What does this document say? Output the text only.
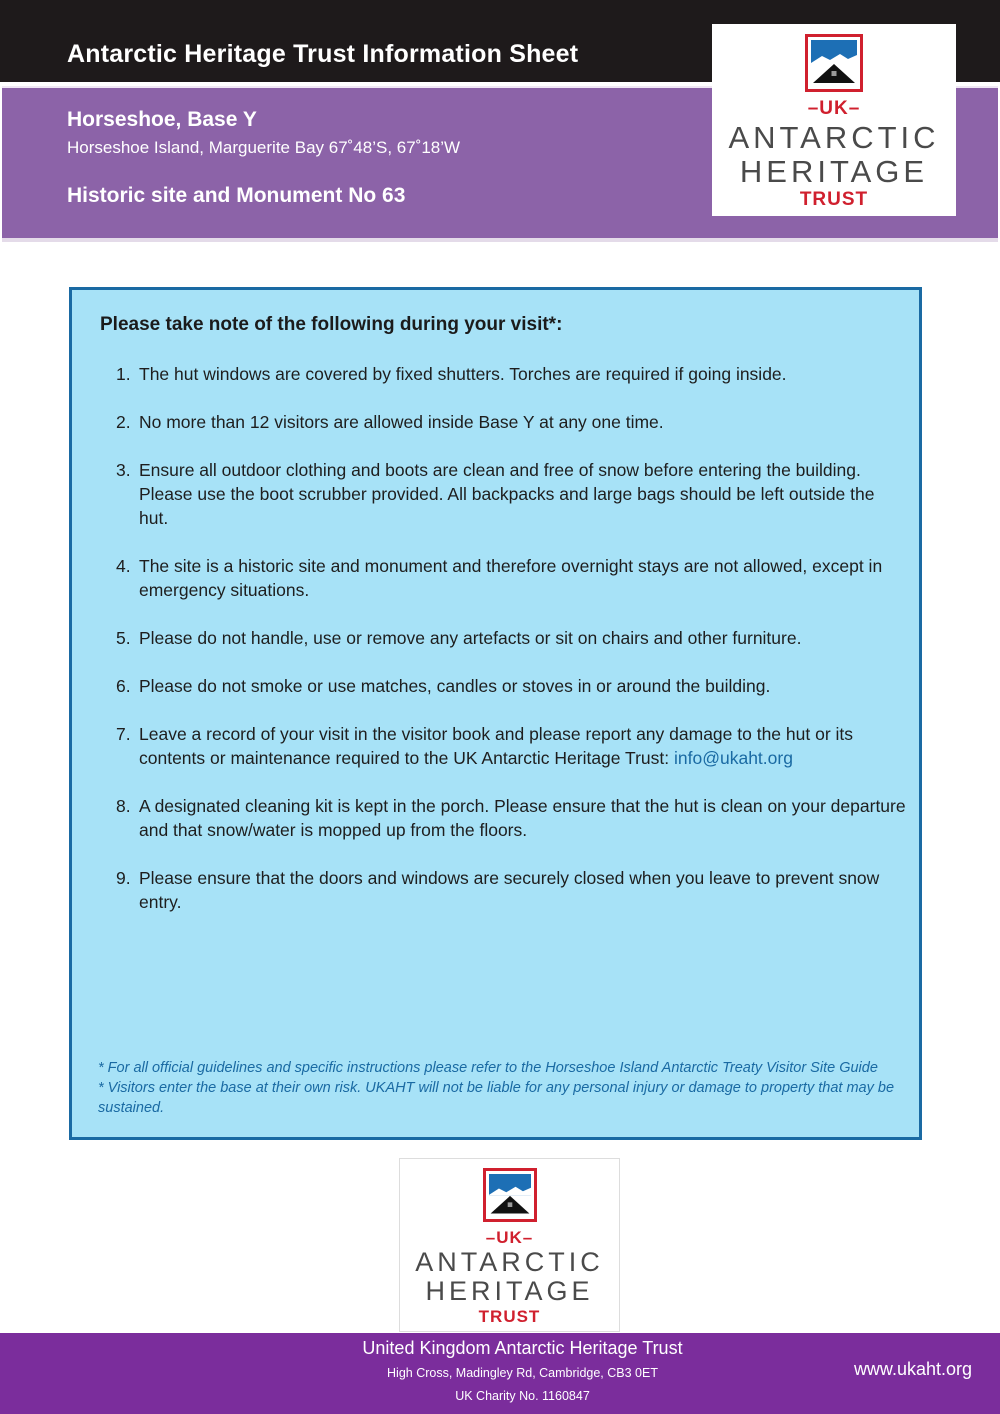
Antarctic Heritage Trust Information Sheet
Horseshoe, Base Y
Horseshoe Island, Marguerite Bay 67˚48’S, 67˚18’W
Historic site and Monument No 63
–UK–
ANTARCTIC
HERITAGE
TRUST
Please take note of the following during your visit*:
1. The hut windows are covered by fixed shutters. Torches are required if going inside.
2. No more than 12 visitors are allowed inside Base Y at any one time.
3. Ensure all outdoor clothing and boots are clean and free of snow before entering the building. Please use the boot scrubber provided. All backpacks and large bags should be left outside the hut.
4. The site is a historic site and monument and therefore overnight stays are not allowed, except in emergency situations.
5. Please do not handle, use or remove any artefacts or sit on chairs and other furniture.
6. Please do not smoke or use matches, candles or stoves in or around the building.
7. Leave a record of your visit in the visitor book and please report any damage to the hut or its contents or maintenance required to the UK Antarctic Heritage Trust: info@ukaht.org
8. A designated cleaning kit is kept in the porch. Please ensure that the hut is clean on your departure and that snow/water is mopped up from the floors.
9. Please ensure that the doors and windows are securely closed when you leave to prevent snow entry.
* For all official guidelines and specific instructions please refer to the Horseshoe Island Antarctic Treaty Visitor Site Guide
* Visitors enter the base at their own risk. UKAHT will not be liable for any personal injury or damage to property that may be sustained.
–UK–
ANTARCTIC
HERITAGE
TRUST
United Kingdom Antarctic Heritage Trust
High Cross, Madingley Rd, Cambridge, CB3 0ET
UK Charity No. 1160847
www.ukaht.org
